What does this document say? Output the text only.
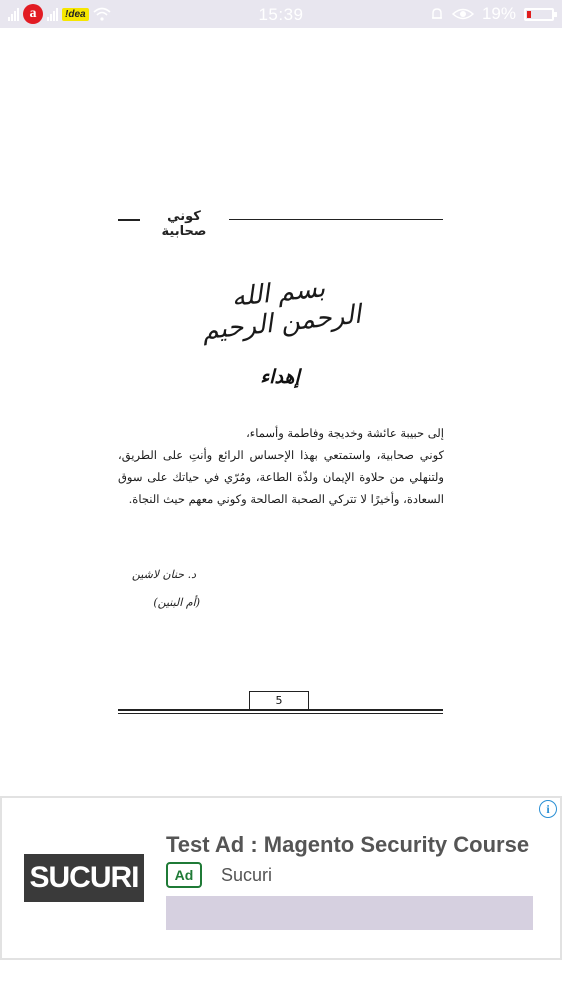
a	!dea	15:39	19%
كوني صحابية
بسم الله الرحمن الرحيم
إهداء

إلى حبيبة عائشة وخديجة وفاطمة وأسماء،

كوني صحابية، واستمتعي بهذا الإحساس الرائع وأنتِ على الطريق، ولتنهلي من حلاوة الإيمان ولذّة الطاعة، ومُرّي في حياتك على سوق السعادة، وأخيرًا لا تتركي الصحبة الصالحة وكوني معهم حيث النجاة.

د. حنان لاشين
(أم البنين)
5
i
SUCURI
Test Ad : Magento Security Course
Ad	Sucuri
